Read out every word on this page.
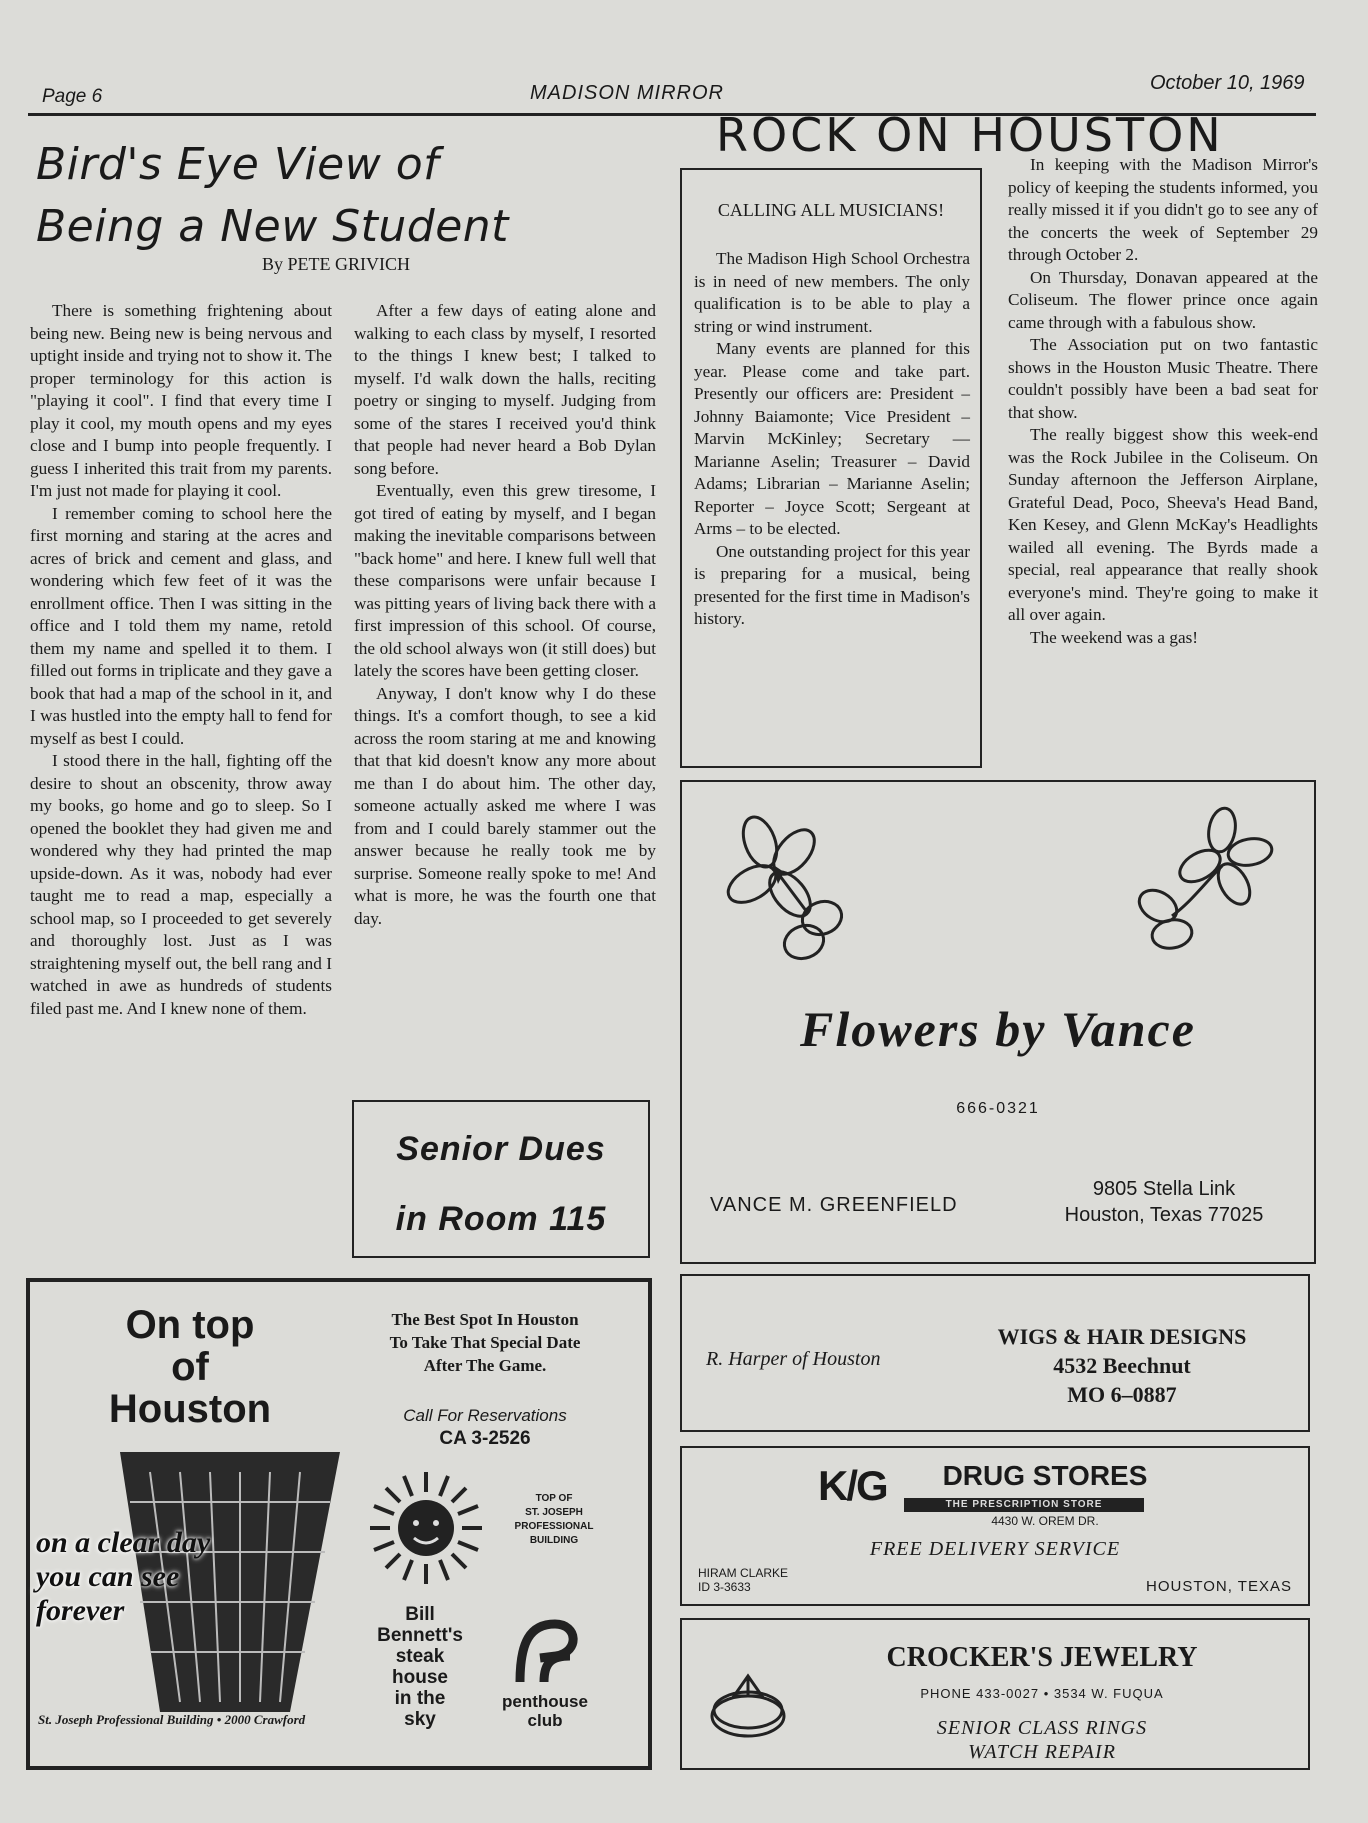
Page 6	MADISON MIRROR	October 10, 1969
Bird's Eye View of
Being a New Student
By PETE GRIVICH

There is something frightening about being new. Being new is being nervous and uptight inside and trying not to show it. The proper terminology for this action is "playing it cool". I find that every time I play it cool, my mouth opens and my eyes close and I bump into people frequently. I guess I inherited this trait from my parents. I'm just not made for playing it cool.

I remember coming to school here the first morning and staring at the acres and acres of brick and cement and glass, and wondering which few feet of it was the enrollment office. Then I was sitting in the office and I told them my name, retold them my name and spelled it to them. I filled out forms in triplicate and they gave a book that had a map of the school in it, and I was hustled into the empty hall to fend for myself as best I could.

I stood there in the hall, fighting off the desire to shout an obscenity, throw away my books, go home and go to sleep. So I opened the booklet they had given me and wondered why they had printed the map upside-down. As it was, nobody had ever taught me to read a map, especially a school map, so I proceeded to get severely and thoroughly lost. Just as I was straightening myself out, the bell rang and I watched in awe as hundreds of students filed past me. And I knew none of them.

After a few days of eating alone and walking to each class by myself, I resorted to the things I knew best; I talked to myself. I'd walk down the halls, reciting poetry or singing to myself. Judging from some of the stares I received you'd think that people had never heard a Bob Dylan song before.

Eventually, even this grew tiresome, I got tired of eating by myself, and I began making the inevitable comparisons between "back home" and here. I knew full well that these comparisons were unfair because I was pitting years of living back there with a first impression of this school. Of course, the old school always won (it still does) but lately the scores have been getting closer.

Anyway, I don't know why I do these things. It's a comfort though, to see a kid across the room staring at me and knowing that that kid doesn't know any more about me than I do about him. The other day, someone actually asked me where I was from and I could barely stammer out the answer because he really took me by surprise. Someone really spoke to me! And what is more, he was the fourth one that day.

Senior Dues
in Room 115
ROCK ON HOUSTON
CALLING ALL MUSICIANS!

The Madison High School Orchestra is in need of new members. The only qualification is to be able to play a string or wind instrument.

Many events are planned for this year. Please come and take part. Presently our officers are: President – Johnny Baiamonte; Vice President – Marvin McKinley; Secretary — Marianne Aselin; Treasurer – David Adams; Librarian – Marianne Aselin; Reporter – Joyce Scott; Sergeant at Arms – to be elected.

One outstanding project for this year is preparing for a musical, being presented for the first time in Madison's history.

In keeping with the Madison Mirror's policy of keeping the students informed, you really missed it if you didn't go to see any of the concerts the week of September 29 through October 2.

On Thursday, Donavan appeared at the Coliseum. The flower prince once again came through with a fabulous show.

The Association put on two fantastic shows in the Houston Music Theatre. There couldn't possibly have been a bad seat for that show.

The really biggest show this week-end was the Rock Jubilee in the Coliseum. On Sunday afternoon the Jefferson Airplane, Grateful Dead, Poco, Sheeva's Head Band, Ken Kesey, and Glenn McKay's Headlights wailed all evening. The Byrds made a special, real appearance that really shook everyone's mind. They're going to make it all over again.

The weekend was a gas!

Flowers by Vance
666-0321
VANCE M. GREENFIELD
9805 Stella Link
Houston, Texas 77025
On top
of
Houston
on a clear day
you can see
forever
St. Joseph Professional Building • 2000 Crawford
The Best Spot In Houston
To Take That Special Date
After The Game.
Call For Reservations
CA 3-2526
TOP OF
ST. JOSEPH
PROFESSIONAL
BUILDING
Bill
Bennett's
steak
house
in the
sky
penthouse
club
R. Harper of Houston
WIGS & HAIR DESIGNS
4532 Beechnut
MO 6–0887
K/G	DRUG STORES
THE PRESCRIPTION STORE
4430 W. OREM DR.
FREE DELIVERY SERVICE
HIRAM CLARKE
ID 3-3633	HOUSTON, TEXAS
CROCKER'S JEWELRY
PHONE 433-0027 • 3534 W. FUQUA
SENIOR CLASS RINGS
WATCH REPAIR
